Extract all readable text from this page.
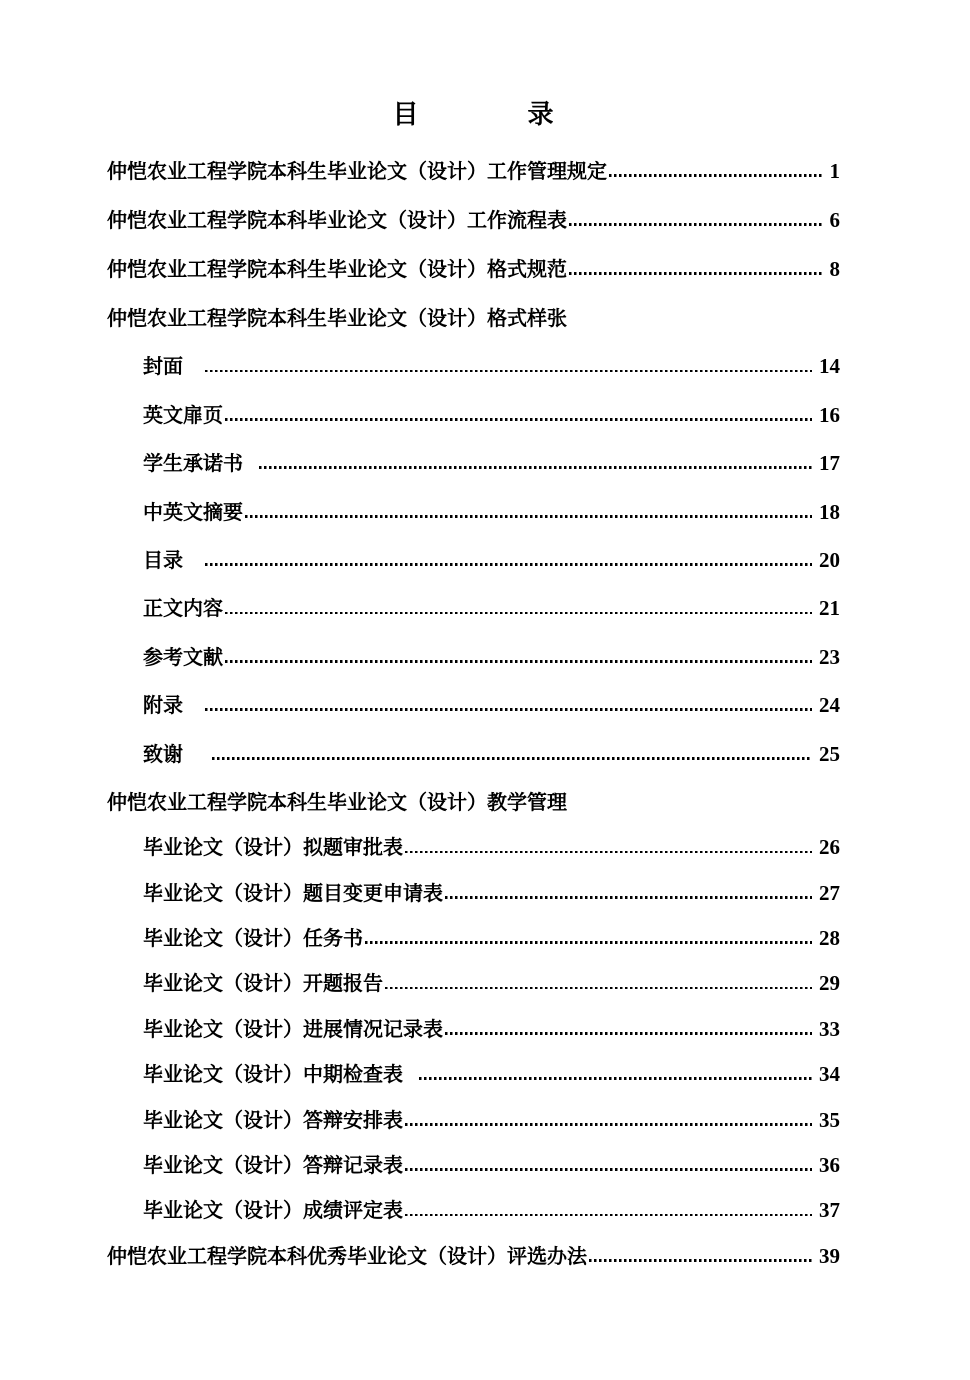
目　　　　录
仲恺农业工程学院本科生毕业论文（设计）工作管理规定	1
仲恺农业工程学院本科毕业论文（设计）工作流程表	6
仲恺农业工程学院本科生毕业论文（设计）格式规范	8
仲恺农业工程学院本科生毕业论文（设计）格式样张
封面　	14
英文扉页	16
学生承诺书	17
中英文摘要	18
目录　	20
正文内容	21
参考文献	23
附录　	24
致谢　	25
仲恺农业工程学院本科生毕业论文（设计）教学管理
毕业论文（设计）拟题审批表	26
毕业论文（设计）题目变更申请表	27
毕业论文（设计）任务书	28
毕业论文（设计）开题报告	29
毕业论文（设计）进展情况记录表	33
毕业论文（设计）中期检查表	34
毕业论文（设计）答辩安排表	35
毕业论文（设计）答辩记录表	36
毕业论文（设计）成绩评定表	37
仲恺农业工程学院本科优秀毕业论文（设计）评选办法	39
